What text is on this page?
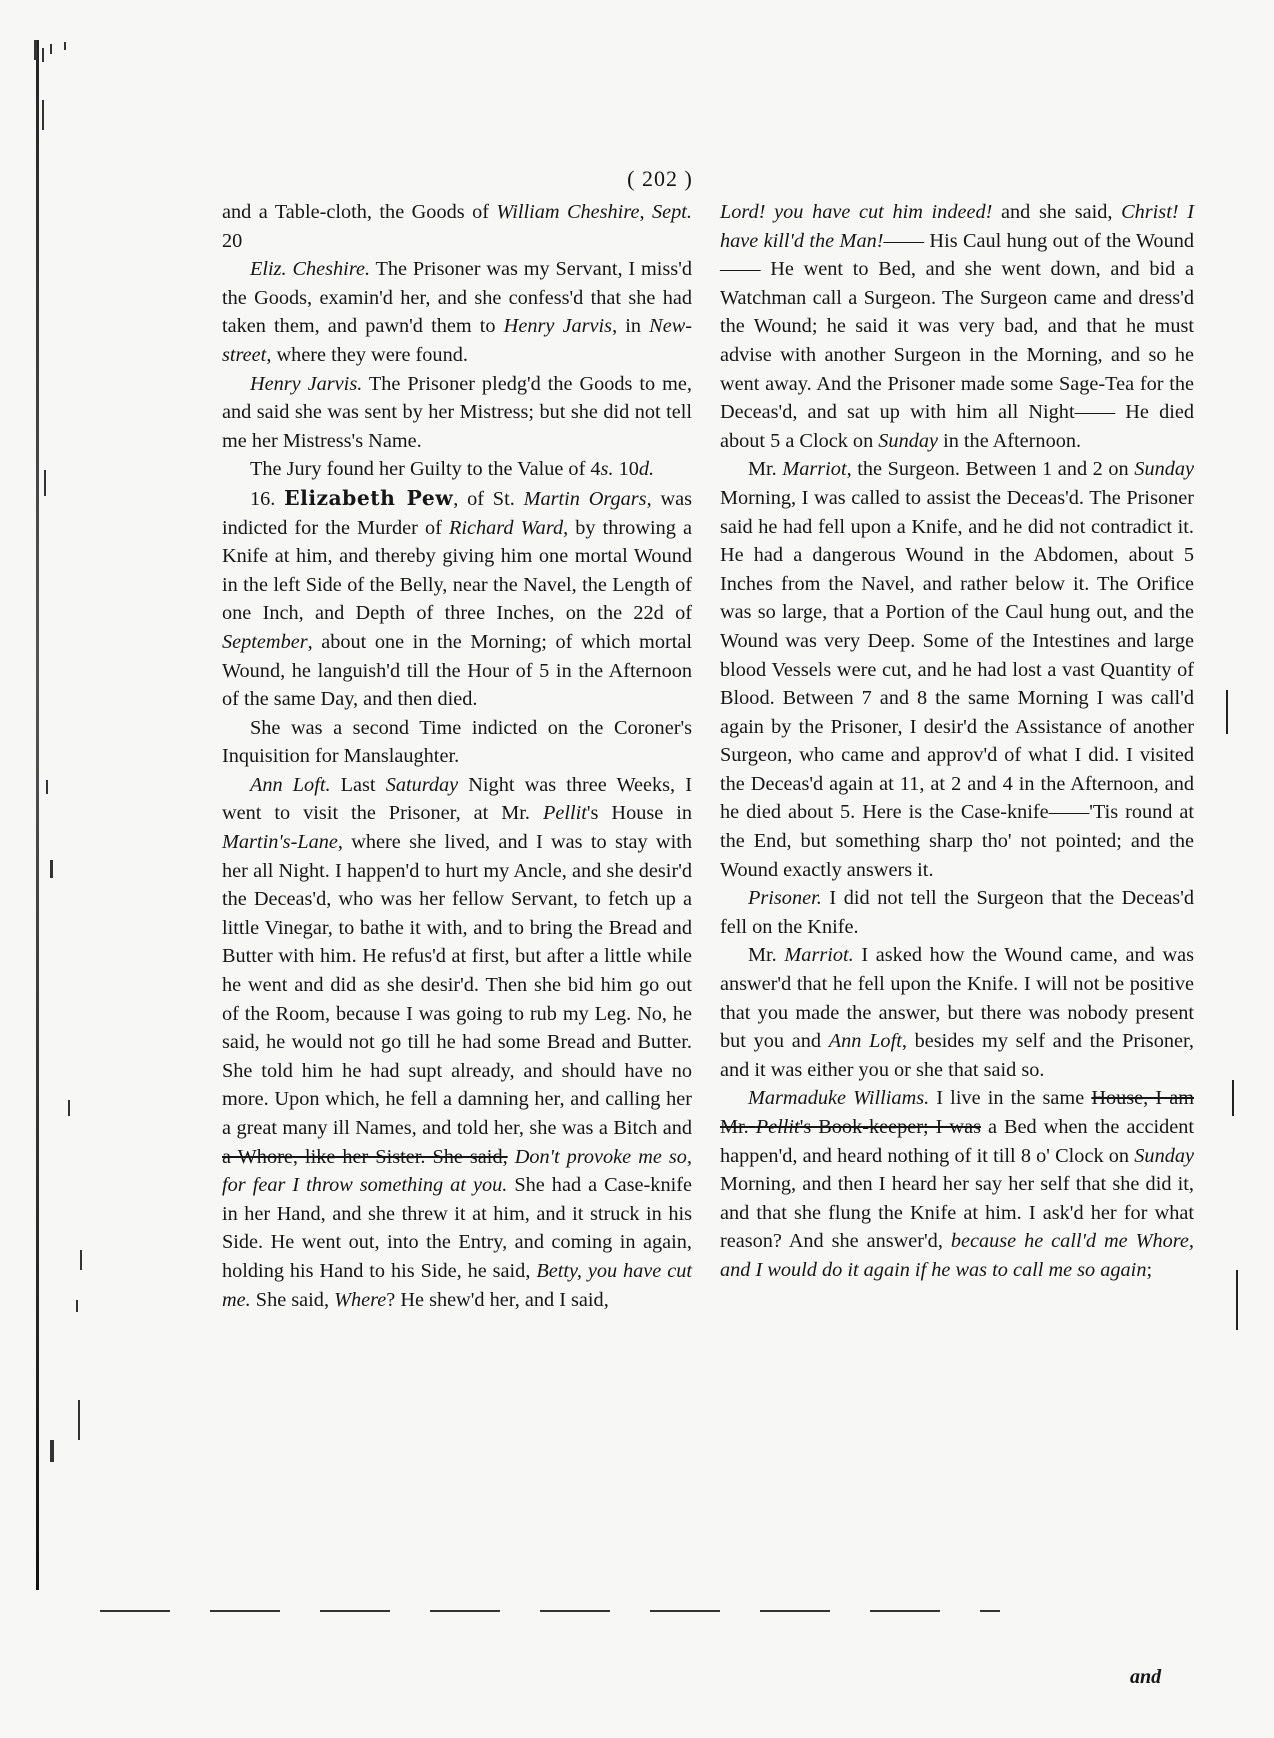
( 202 )

and a Table-cloth, the Goods of William Cheshire, Sept. 20

Eliz. Cheshire. The Prisoner was my Servant, I miss'd the Goods, examin'd her, and she confess'd that she had taken them, and pawn'd them to Henry Jarvis, in New-street, where they were found.

Henry Jarvis. The Prisoner pledg'd the Goods to me, and said she was sent by her Mistress; but she did not tell me her Mistress's Name.

The Jury found her Guilty to the Value of 4s. 10d.

16. Elizabeth Pew, of St. Martin Orgars, was indicted for the Murder of Richard Ward, by throwing a Knife at him, and thereby giving him one mortal Wound in the left Side of the Belly, near the Navel, the Length of one Inch, and Depth of three Inches, on the 22d of September, about one in the Morning; of which mortal Wound, he languish'd till the Hour of 5 in the Afternoon of the same Day, and then died.

She was a second Time indicted on the Coroner's Inquisition for Manslaughter.

Ann Loft. Last Saturday Night was three Weeks, I went to visit the Prisoner, at Mr. Pellit's House in Martin's-Lane, where she lived, and I was to stay with her all Night. I happen'd to hurt my Ancle, and she desir'd the Deceas'd, who was her fellow Servant, to fetch up a little Vinegar, to bathe it with, and to bring the Bread and Butter with him. He refus'd at first, but after a little while he went and did as she desir'd. Then she bid him go out of the Room, because I was going to rub my Leg. No, he said, he would not go till he had some Bread and Butter. She told him he had supt already, and should have no more. Upon which, he fell a damning her, and calling her a great many ill Names, and told her, she was a Bitch and a Whore, like her Sister. She said, Don't provoke me so, for fear I throw something at you. She had a Case-knife in her Hand, and she threw it at him, and it struck in his Side. He went out, into the Entry, and coming in again, holding his Hand to his Side, he said, Betty, you have cut me. She said, Where? He shew'd her, and I said,

Lord! you have cut him indeed! and she said, Christ! I have kill'd the Man!—— His Caul hung out of the Wound—— He went to Bed, and she went down, and bid a Watchman call a Surgeon. The Surgeon came and dress'd the Wound; he said it was very bad, and that he must advise with another Surgeon in the Morning, and so he went away. And the Prisoner made some Sage-Tea for the Deceas'd, and sat up with him all Night—— He died about 5 a Clock on Sunday in the Afternoon.

Mr. Marriot, the Surgeon. Between 1 and 2 on Sunday Morning, I was called to assist the Deceas'd. The Prisoner said he had fell upon a Knife, and he did not contradict it. He had a dangerous Wound in the Abdomen, about 5 Inches from the Navel, and rather below it. The Orifice was so large, that a Portion of the Caul hung out, and the Wound was very Deep. Some of the Intestines and large blood Vessels were cut, and he had lost a vast Quantity of Blood. Between 7 and 8 the same Morning I was call'd again by the Prisoner, I desir'd the Assistance of another Surgeon, who came and approv'd of what I did. I visited the Deceas'd again at 11, at 2 and 4 in the Afternoon, and he died about 5. Here is the Case-knife——'Tis round at the End, but something sharp tho' not pointed; and the Wound exactly answers it.

Prisoner. I did not tell the Surgeon that the Deceas'd fell on the Knife.

Mr. Marriot. I asked how the Wound came, and was answer'd that he fell upon the Knife. I will not be positive that you made the answer, but there was nobody present but you and Ann Loft, besides my self and the Prisoner, and it was either you or she that said so.

Marmaduke Williams. I live in the same House, I am Mr. Pellit's Book-keeper; I was a Bed when the accident happen'd, and heard nothing of it till 8 o' Clock on Sunday Morning, and then I heard her say her self that she did it, and that she flung the Knife at him. I ask'd her for what reason? And she answer'd, because he call'd me Whore, and I would do it again if he was to call me so again;

and
